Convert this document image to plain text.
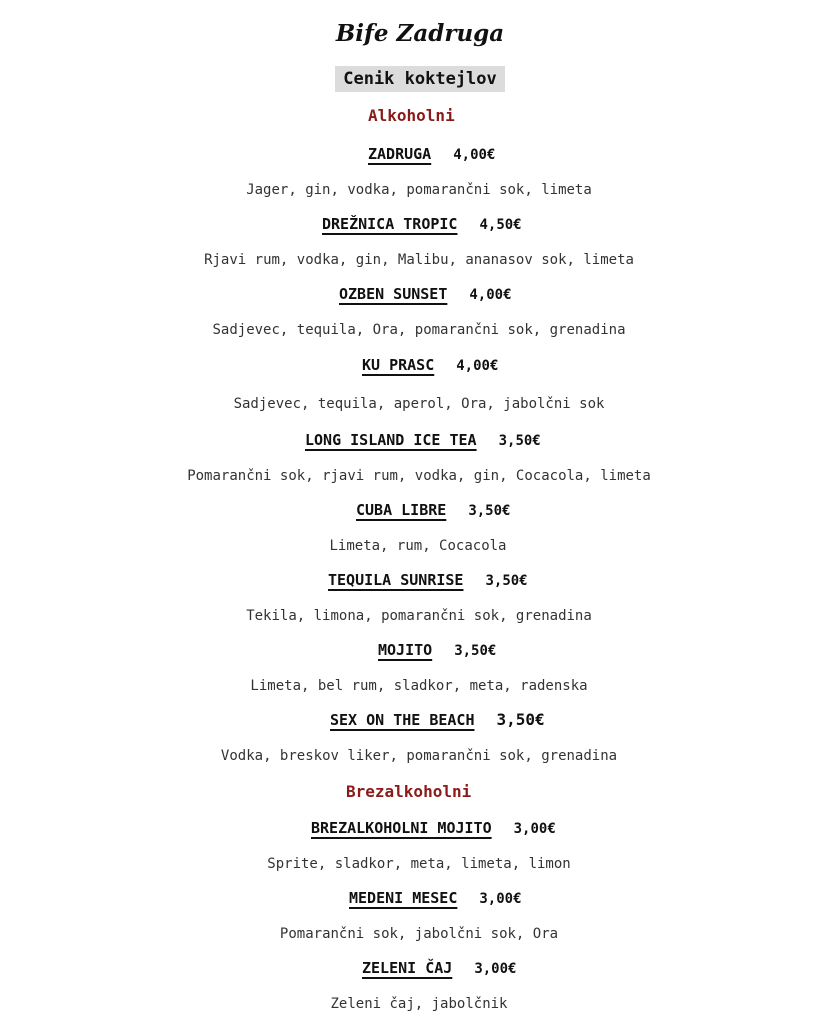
Bife Zadruga
Cenik koktejlov
Alkoholni
ZADRUGA 4,00€
Jager, gin, vodka, pomarančni sok, limeta
DREŽNICA TROPIC 4,50€
Rjavi rum, vodka, gin, Malibu, ananasov sok, limeta
OZBEN SUNSET 4,00€
Sadjevec, tequila, Ora, pomarančni sok, grenadina
KU PRASC 4,00€
Sadjevec, tequila, aperol, Ora, jabolčni sok
LONG ISLAND ICE TEA 3,50€
Pomarančni sok, rjavi rum, vodka, gin, Cocacola, limeta
CUBA LIBRE 3,50€
Limeta, rum, Cocacola
TEQUILA SUNRISE 3,50€
Tekila, limona, pomarančni sok, grenadina
MOJITO 3,50€
Limeta, bel rum, sladkor, meta, radenska
SEX ON THE BEACH 3,50€
Vodka, breskov liker, pomarančni sok, grenadina
Brezalkoholni
BREZALKOHOLNI MOJITO 3,00€
Sprite, sladkor, meta, limeta, limon
MEDENI MESEC 3,00€
Pomarančni sok, jabolčni sok, Ora
ZELENI ČAJ 3,00€
Zeleni čaj, jabolčnik
